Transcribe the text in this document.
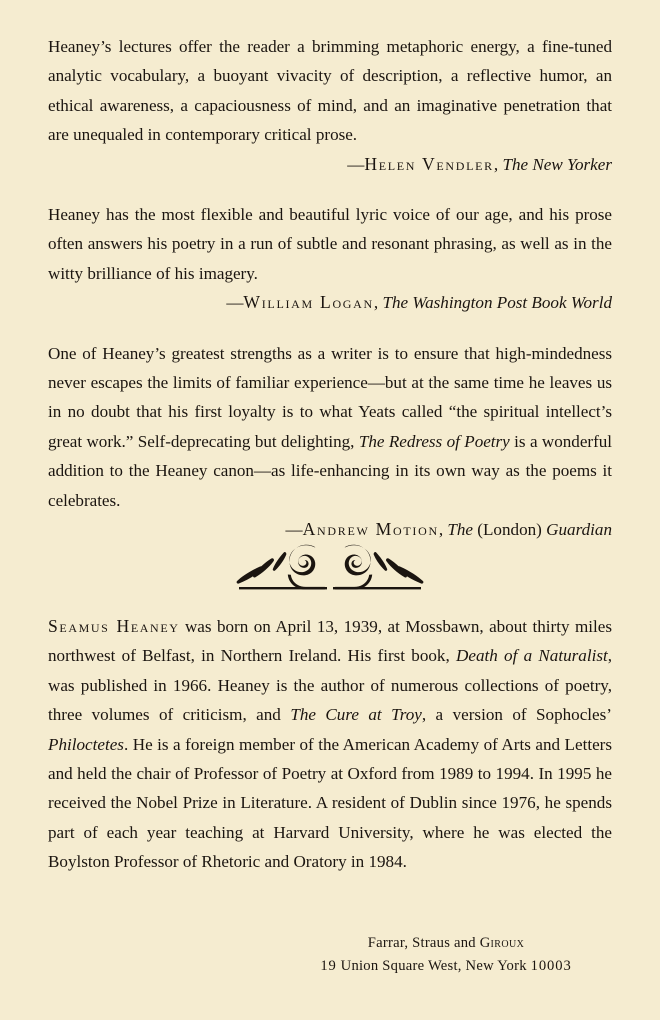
Heaney’s lectures offer the reader a brimming metaphoric energy, a fine-tuned analytic vocabulary, a buoyant vivacity of description, a reflective humor, an ethical awareness, a capaciousness of mind, and an imaginative penetration that are unequaled in contemporary critical prose.

—Helen Vendler, The New Yorker

Heaney has the most flexible and beautiful lyric voice of our age, and his prose often answers his poetry in a run of subtle and resonant phrasing, as well as in the witty brilliance of his imagery.

—William Logan, The Washington Post Book World

One of Heaney’s greatest strengths as a writer is to ensure that high-mindedness never escapes the limits of familiar experience—but at the same time he leaves us in no doubt that his first loyalty is to what Yeats called “the spiritual intellect’s great work.” Self-deprecating but delighting, The Redress of Poetry is a wonderful addition to the Heaney canon—as life-enhancing in its own way as the poems it celebrates.

—Andrew Motion, The (London) Guardian

Seamus Heaney was born on April 13, 1939, at Mossbawn, about thirty miles northwest of Belfast, in Northern Ireland. His first book, Death of a Naturalist, was published in 1966. Heaney is the author of numerous collections of poetry, three volumes of criticism, and The Cure at Troy, a version of Sophocles’ Philoctetes. He is a foreign member of the American Academy of Arts and Letters and held the chair of Professor of Poetry at Oxford from 1989 to 1994. In 1995 he received the Nobel Prize in Literature. A resident of Dublin since 1976, he spends part of each year teaching at Harvard University, where he was elected the Boylston Professor of Rhetoric and Oratory in 1984.

Farrar, Straus and Giroux

19 Union Square West, New York 10003
